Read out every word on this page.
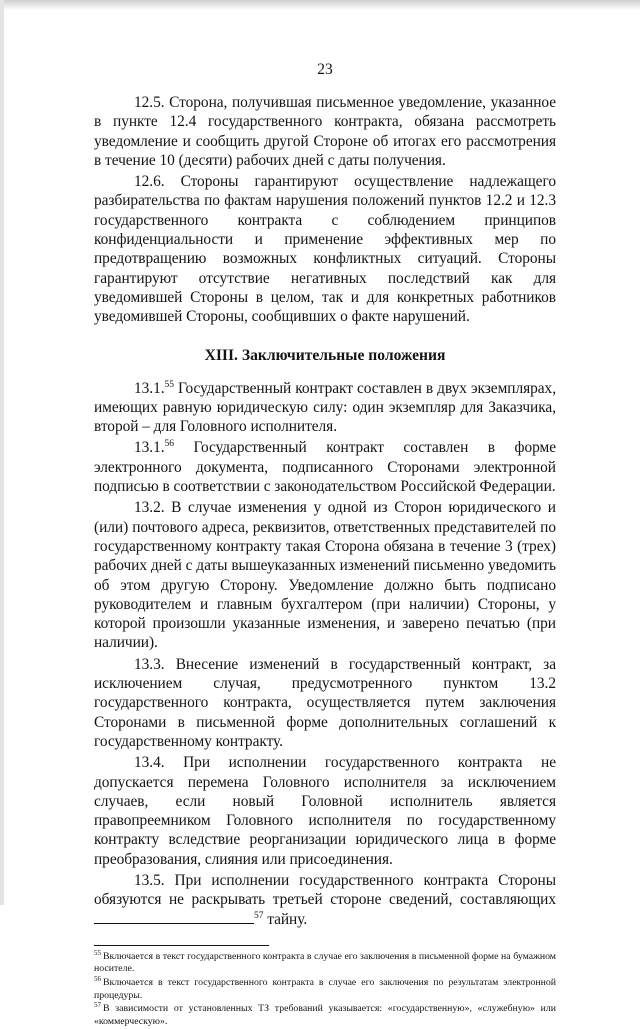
23

12.5. Сторона, получившая письменное уведомление, указанное в пункте 12.4 государственного контракта, обязана рассмотреть уведомление и сообщить другой Стороне об итогах его рассмотрения в течение 10 (десяти) рабочих дней с даты получения.

12.6. Стороны гарантируют осуществление надлежащего разбирательства по фактам нарушения положений пунктов 12.2 и 12.3 государственного контракта с соблюдением принципов конфиденциальности и применение эффективных мер по предотвращению возможных конфликтных ситуаций. Стороны гарантируют отсутствие негативных последствий как для уведомившей Стороны в целом, так и для конкретных работников уведомившей Стороны, сообщивших о факте нарушений.

XIII. Заключительные положения

13.1.55 Государственный контракт составлен в двух экземплярах, имеющих равную юридическую силу: один экземпляр для Заказчика, второй – для Головного исполнителя.

13.1.56 Государственный контракт составлен в форме электронного документа, подписанного Сторонами электронной подписью в соответствии с законодательством Российской Федерации.

13.2. В случае изменения у одной из Сторон юридического и (или) почтового адреса, реквизитов, ответственных представителей по государственному контракту такая Сторона обязана в течение 3 (трех) рабочих дней с даты вышеуказанных изменений письменно уведомить об этом другую Сторону. Уведомление должно быть подписано руководителем и главным бухгалтером (при наличии) Стороны, у которой произошли указанные изменения, и заверено печатью (при наличии).

13.3. Внесение изменений в государственный контракт, за исключением случая, предусмотренного пунктом 13.2 государственного контракта, осуществляется путем заключения Сторонами в письменной форме дополнительных соглашений к государственному контракту.

13.4. При исполнении государственного контракта не допускается перемена Головного исполнителя за исключением случаев, если новый Головной исполнитель является правопреемником Головного исполнителя по государственному контракту вследствие реорганизации юридического лица в форме преобразования, слияния или присоединения.

13.5. При исполнении государственного контракта Стороны обязуются не раскрывать третьей стороне сведений, составляющих $^{57}$ тайну.

$^{55}$ Включается в текст государственного контракта в случае его заключения в письменной форме на бумажном носителе.

$^{56}$ Включается в текст государственного контракта в случае его заключения по результатам электронной процедуры.

$^{57}$ В зависимости от установленных ТЗ требований указывается: «государственную», «служебную» или «коммерческую».
